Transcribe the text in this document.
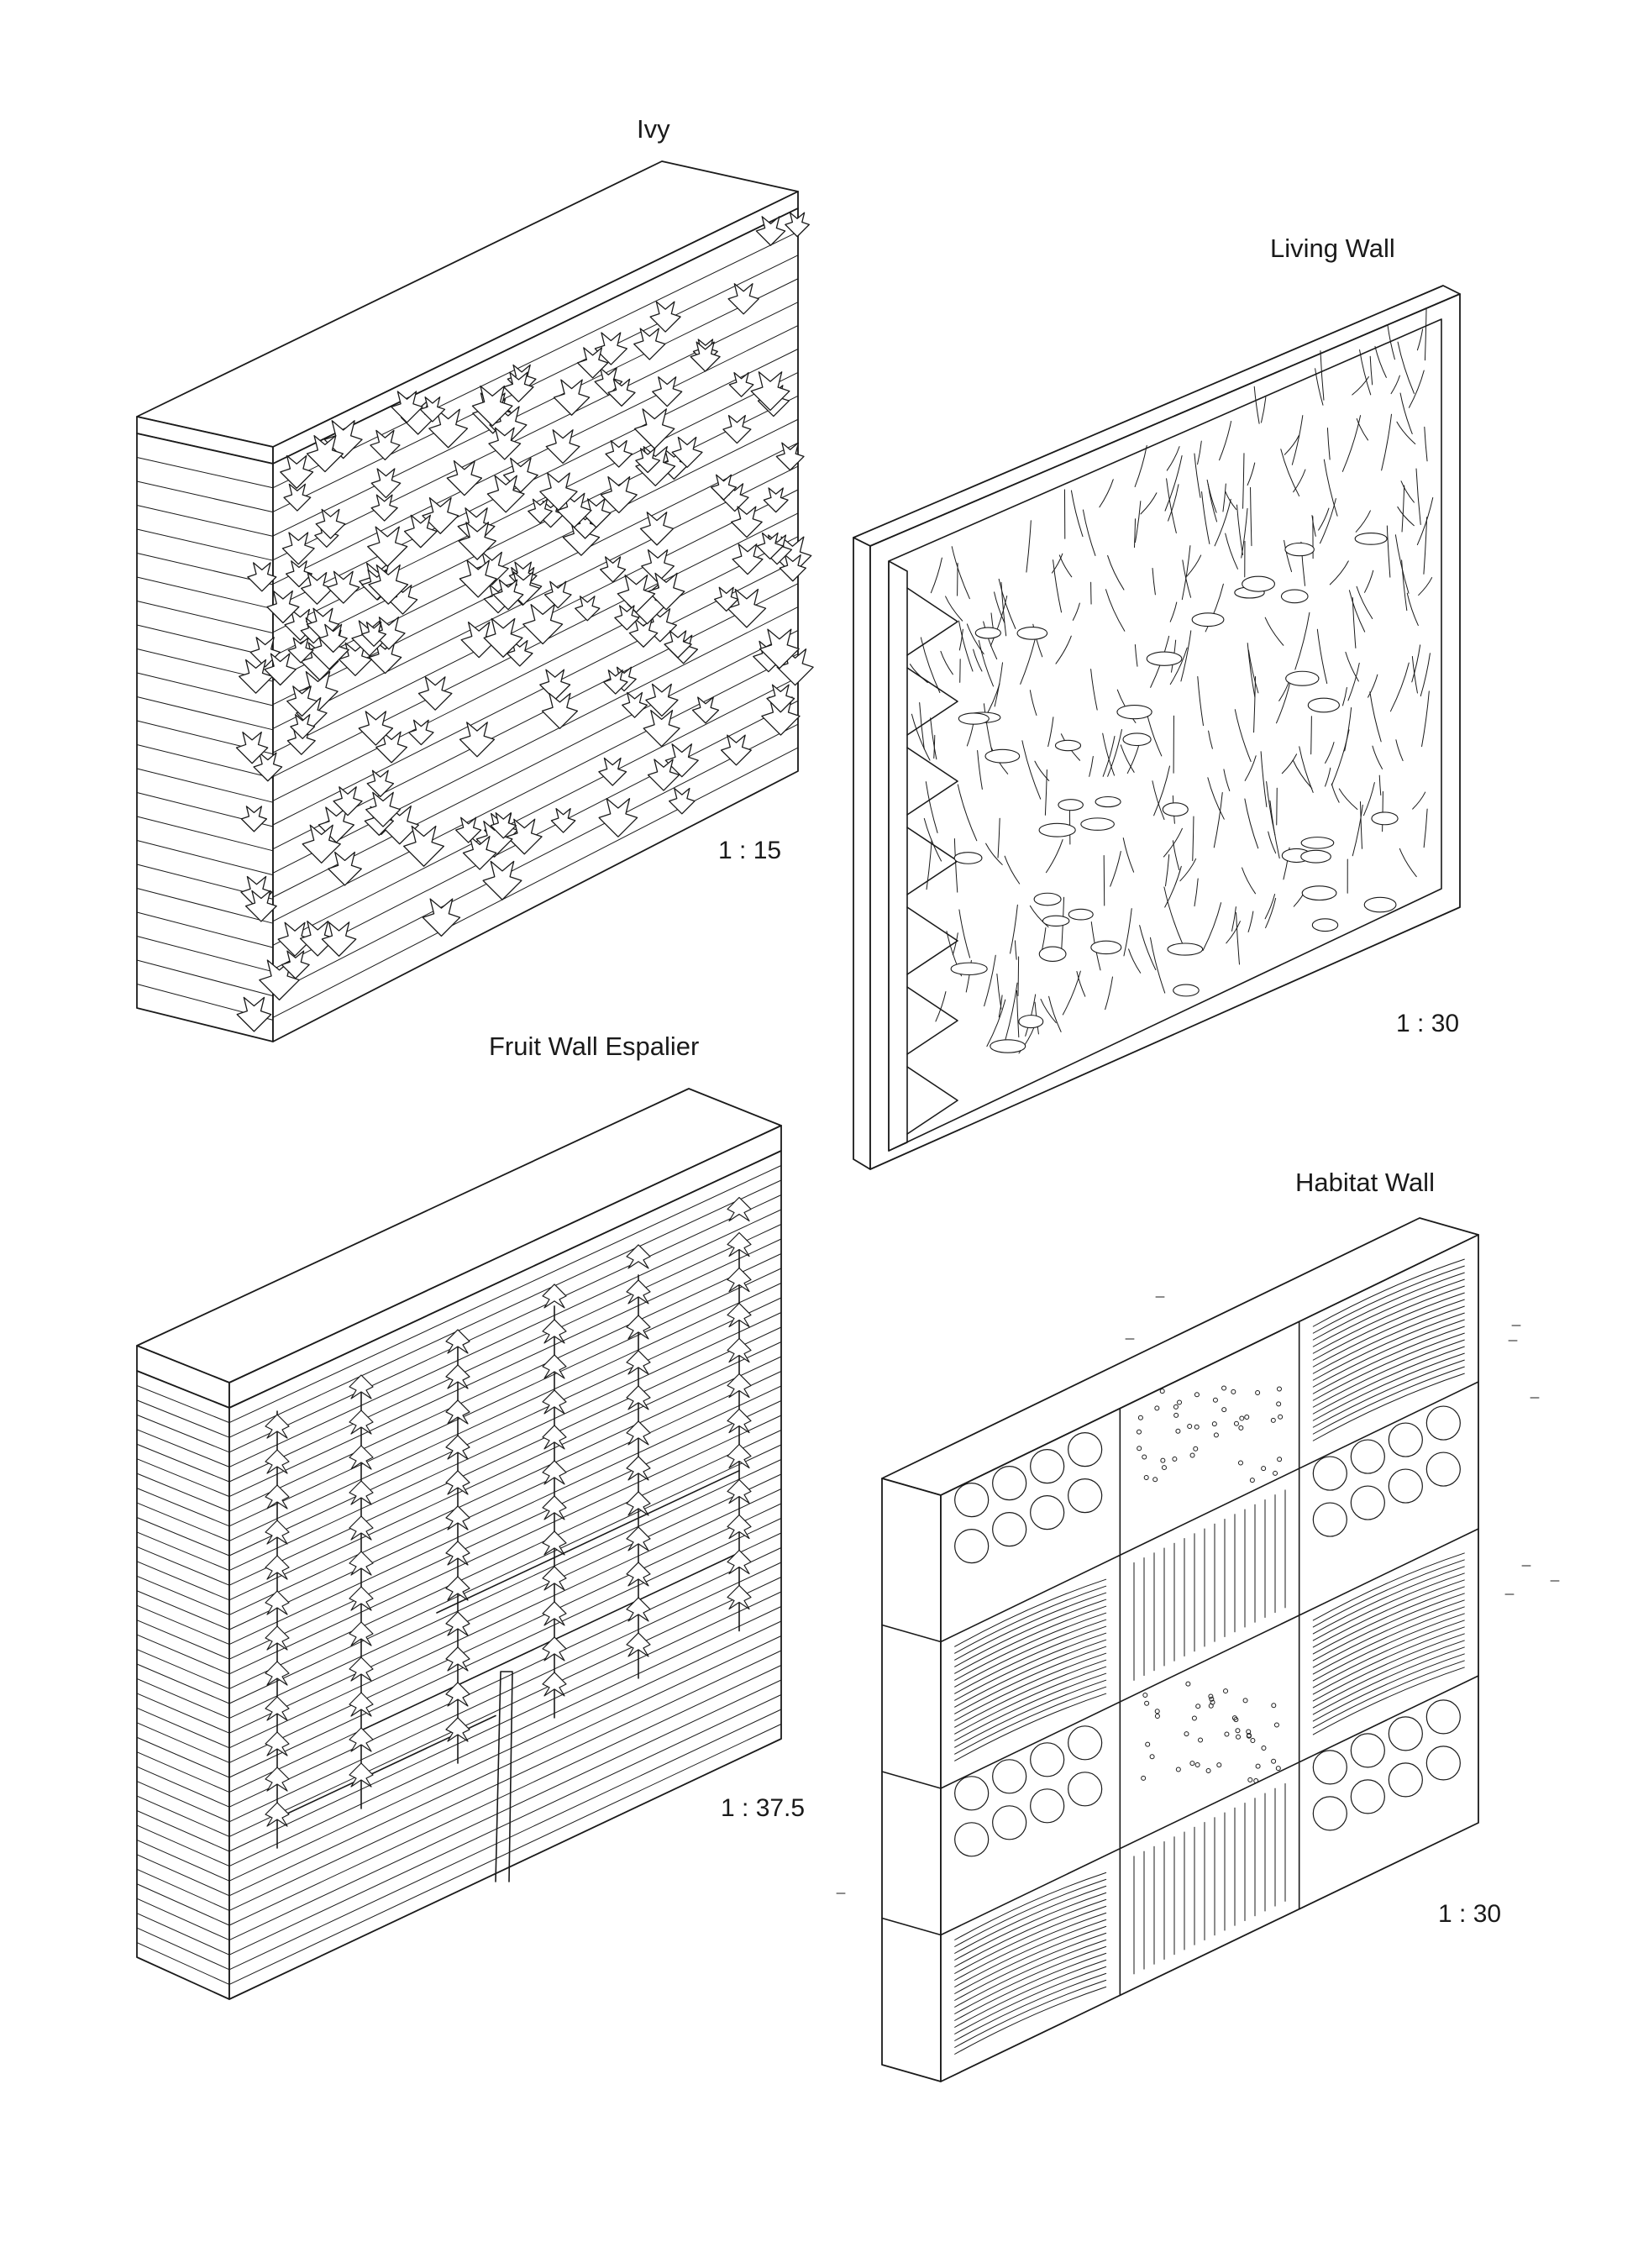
Ivy
Living Wall
Fruit Wall Espalier
Habitat Wall
1 : 15
1 : 30
1 : 37.5
1 : 30
